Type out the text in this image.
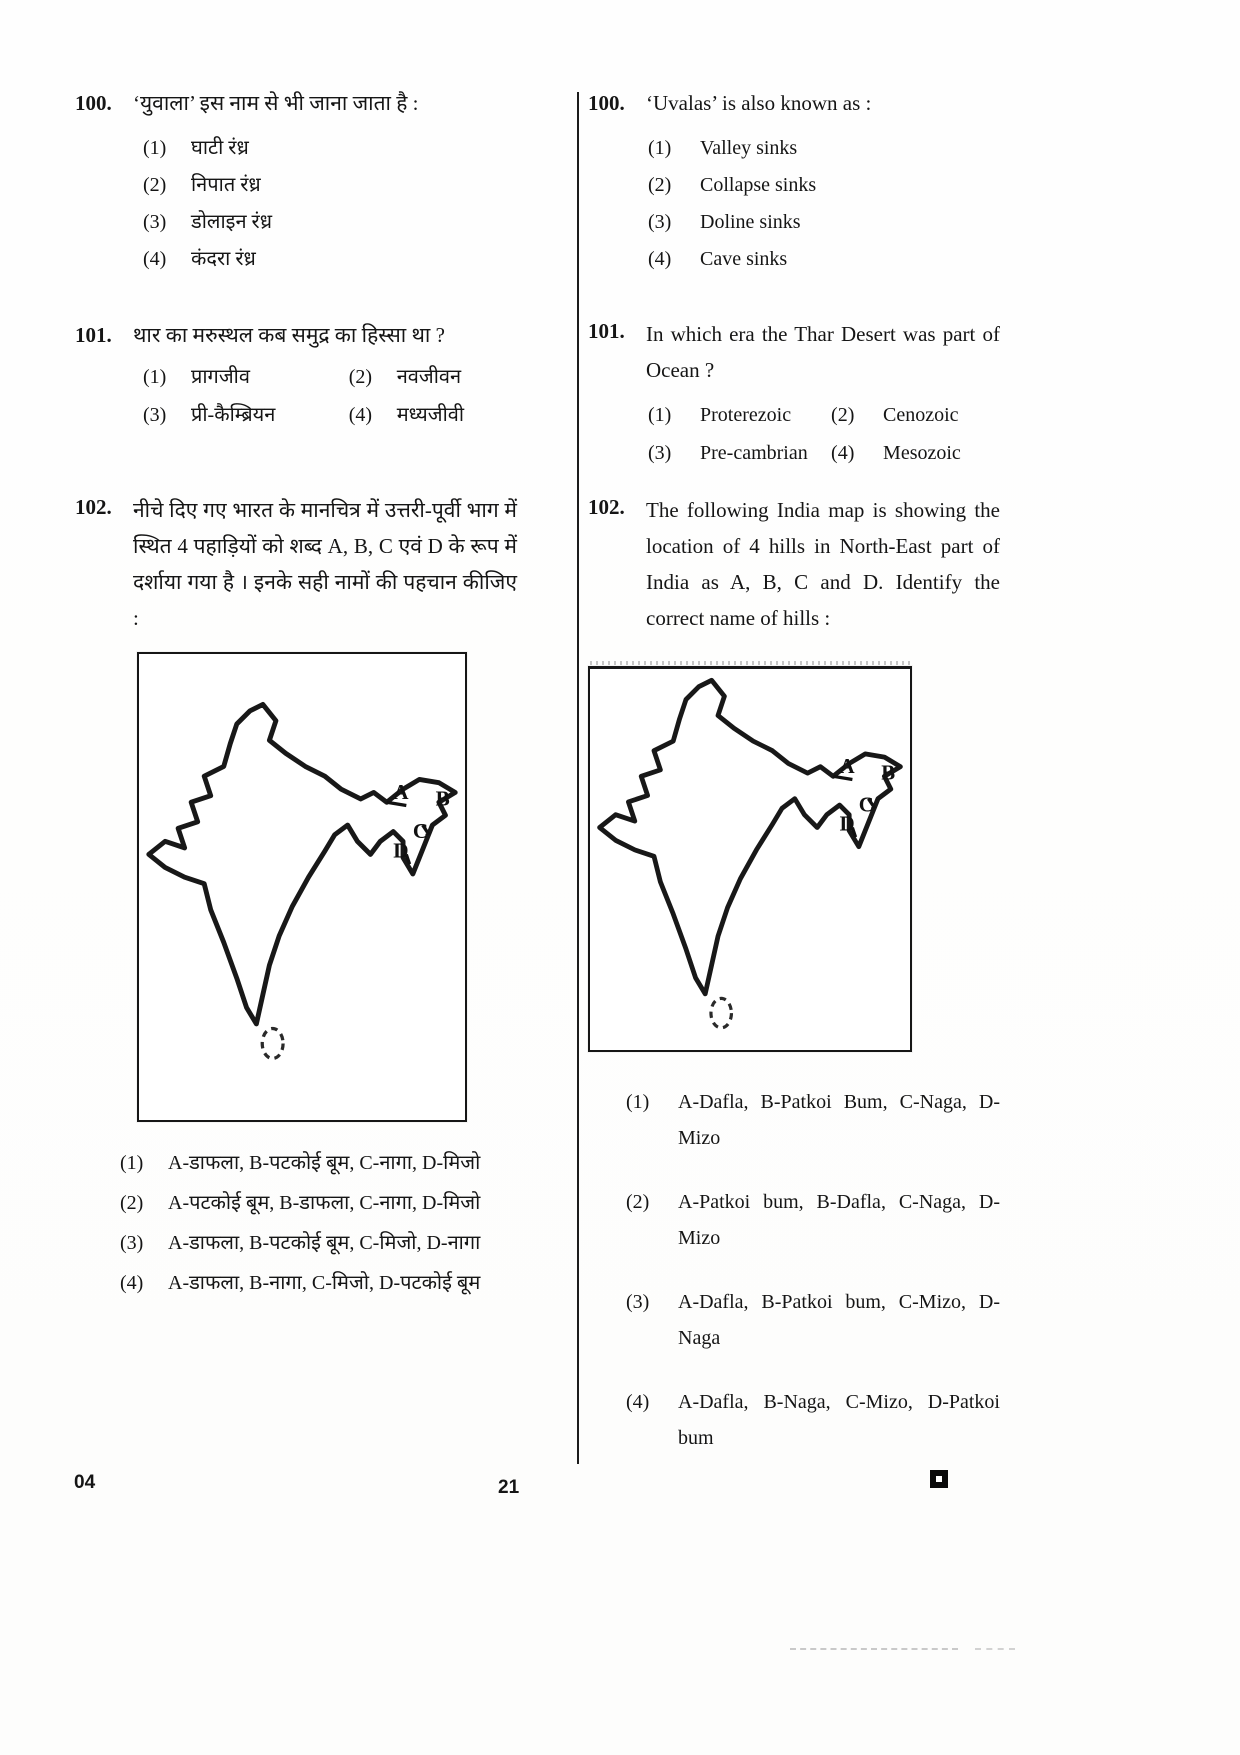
100.	‘युवाला’ इस नाम से भी जाना जाता है :
(1)	घाटी रंध्र
(2)	निपात रंध्र
(3)	डोलाइन रंध्र
(4)	कंदरा रंध्र
101.	थार का मरुस्थल कब समुद्र का हिस्सा था ?
(1)	प्रागजीव	(2)	नवजीवन
(3)	प्री-कैम्ब्रियन	(4)	मध्यजीवी
102.	नीचे दिए गए भारत के मानचित्र में उत्तरी-पूर्वी भाग में स्थित 4 पहाड़ियों को शब्द A, B, C एवं D के रूप में दर्शाया गया है । इनके सही नामों की पहचान कीजिए :
A	B
C
D
(1)	A-डाफला, B-पटकोई बूम, C-नागा, D-मिजो
(2)	A-पटकोई बूम, B-डाफला, C-नागा, D-मिजो
(3)	A-डाफला, B-पटकोई बूम, C-मिजो, D-नागा
(4)	A-डाफला, B-नागा, C-मिजो, D-पटकोई बूम
100.	‘Uvalas’ is also known as :
(1)	Valley sinks
(2)	Collapse sinks
(3)	Doline sinks
(4)	Cave sinks
101.	In which era the Thar Desert was part of Ocean ?
(1)	Proterezoic	(2)	Cenozoic
(3)	Pre-cambrian	(4)	Mesozoic
102.	The following India map is showing the location of 4 hills in North-East part of India as A, B, C and D. Identify the correct name of hills :
A	B
C
D
(1)	A-Dafla, B-Patkoi Bum, C-Naga, D-Mizo
(2)	A-Patkoi bum, B-Dafla, C-Naga, D-Mizo
(3)	A-Dafla, B-Patkoi bum, C-Mizo, D-Naga
(4)	A-Dafla, B-Naga, C-Mizo, D-Patkoi bum
04	21
